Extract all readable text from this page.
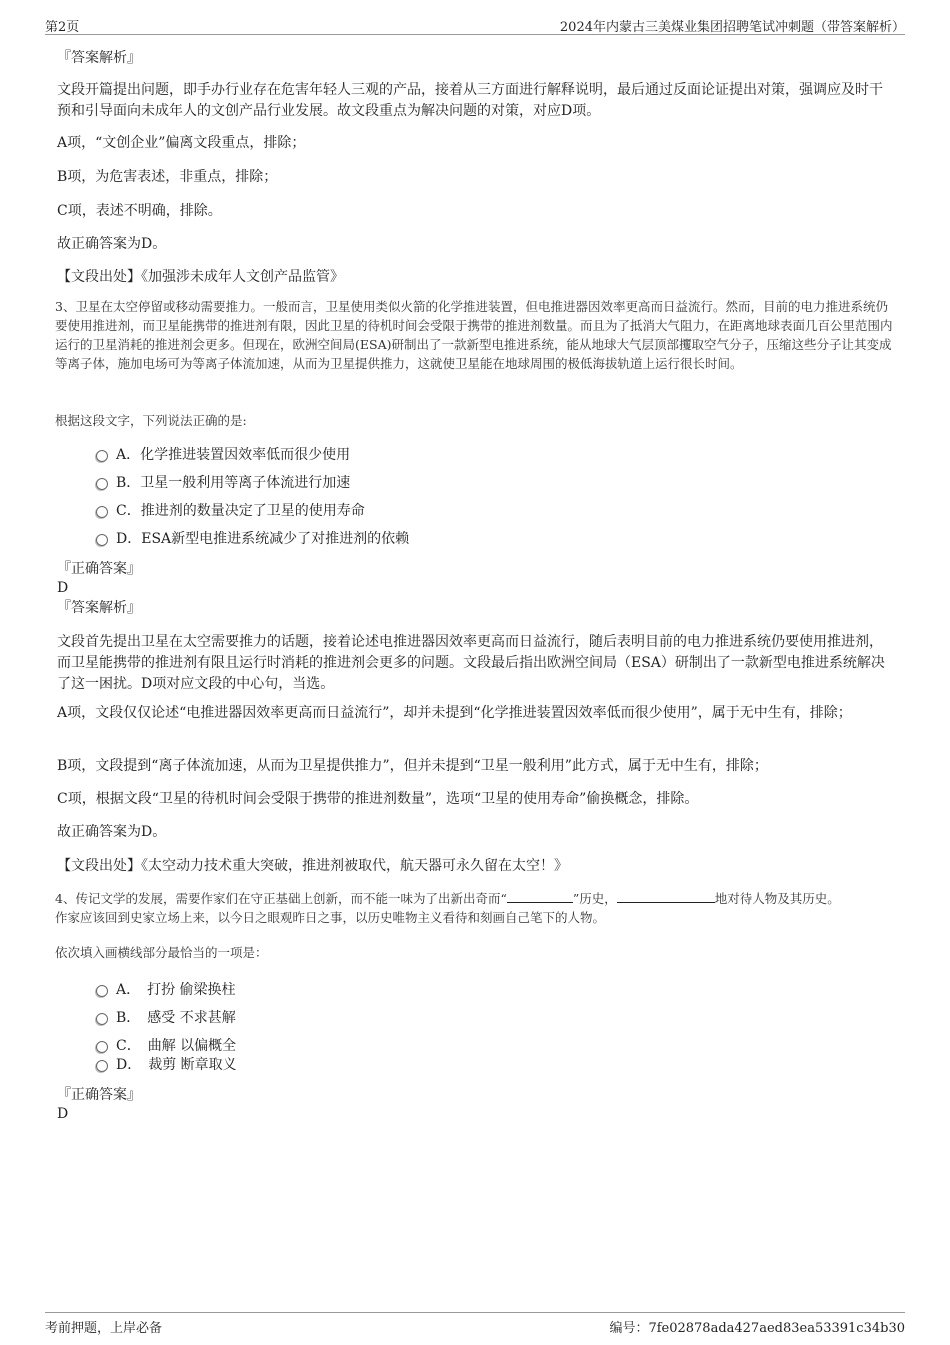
第2页	2024年内蒙古三美煤业集团招聘笔试冲刺题（带答案解析）
『答案解析』
文段开篇提出问题，即手办行业存在危害年轻人三观的产品，接着从三方面进行解释说明，最后通过反面论证提出对策，强调应及时干预和引导面向未成年人的文创产品行业发展。故文段重点为解决问题的对策，对应D项。
A项，“文创企业”偏离文段重点，排除；
B项，为危害表述，非重点，排除；
C项，表述不明确，排除。
故正确答案为D。
【文段出处】《加强涉未成年人文创产品监管》
3、卫星在太空停留或移动需要推力。一般而言，卫星使用类似火箭的化学推进装置，但电推进器因效率更高而日益流行。然而，目前的电力推进系统仍要使用推进剂，而卫星能携带的推进剂有限，因此卫星的待机时间会受限于携带的推进剂数量。而且为了抵消大气阻力，在距离地球表面几百公里范围内运行的卫星消耗的推进剂会更多。但现在，欧洲空间局(ESA)研制出了一款新型电推进系统，能从地球大气层顶部攫取空气分子，压缩这些分子让其变成等离子体，施加电场可为等离子体流加速，从而为卫星提供推力，这就使卫星能在地球周围的极低海拔轨道上运行很长时间。
根据这段文字，下列说法正确的是:
A．化学推进装置因效率低而很少使用
B．卫星一般利用等离子体流进行加速
C．推进剂的数量决定了卫星的使用寿命
D．ESA新型电推进系统减少了对推进剂的依赖
『正确答案』
D
『答案解析』
文段首先提出卫星在太空需要推力的话题，接着论述电推进器因效率更高而日益流行，随后表明目前的电力推进系统仍要使用推进剂，而卫星能携带的推进剂有限且运行时消耗的推进剂会更多的问题。文段最后指出欧洲空间局（ESA）研制出了一款新型电推进系统解决了这一困扰。D项对应文段的中心句，当选。
A项，文段仅仅论述“电推进器因效率更高而日益流行”，却并未提到“化学推进装置因效率低而很少使用”，属于无中生有，排除；
B项，文段提到“离子体流加速，从而为卫星提供推力”，但并未提到“卫星一般利用”此方式，属于无中生有，排除；
C项，根据文段“卫星的待机时间会受限于携带的推进剂数量”，选项“卫星的使用寿命”偷换概念，排除。
故正确答案为D。
【文段出处】《太空动力技术重大突破，推进剂被取代，航天器可永久留在太空！》
4、传记文学的发展，需要作家们在守正基础上创新，而不能一味为了出新出奇而“	”历史，	地对待人物及其历史。
作家应该回到史家立场上来，以今日之眼观昨日之事，以历史唯物主义看待和刻画自己笔下的人物。
依次填入画横线部分最恰当的一项是：
A．　打扮 偷梁换柱
B．　感受 不求甚解
C．　曲解 以偏概全
D．　裁剪 断章取义
『正确答案』
D
考前押题，上岸必备	编号：7fe02878ada427aed83ea53391c34b30
